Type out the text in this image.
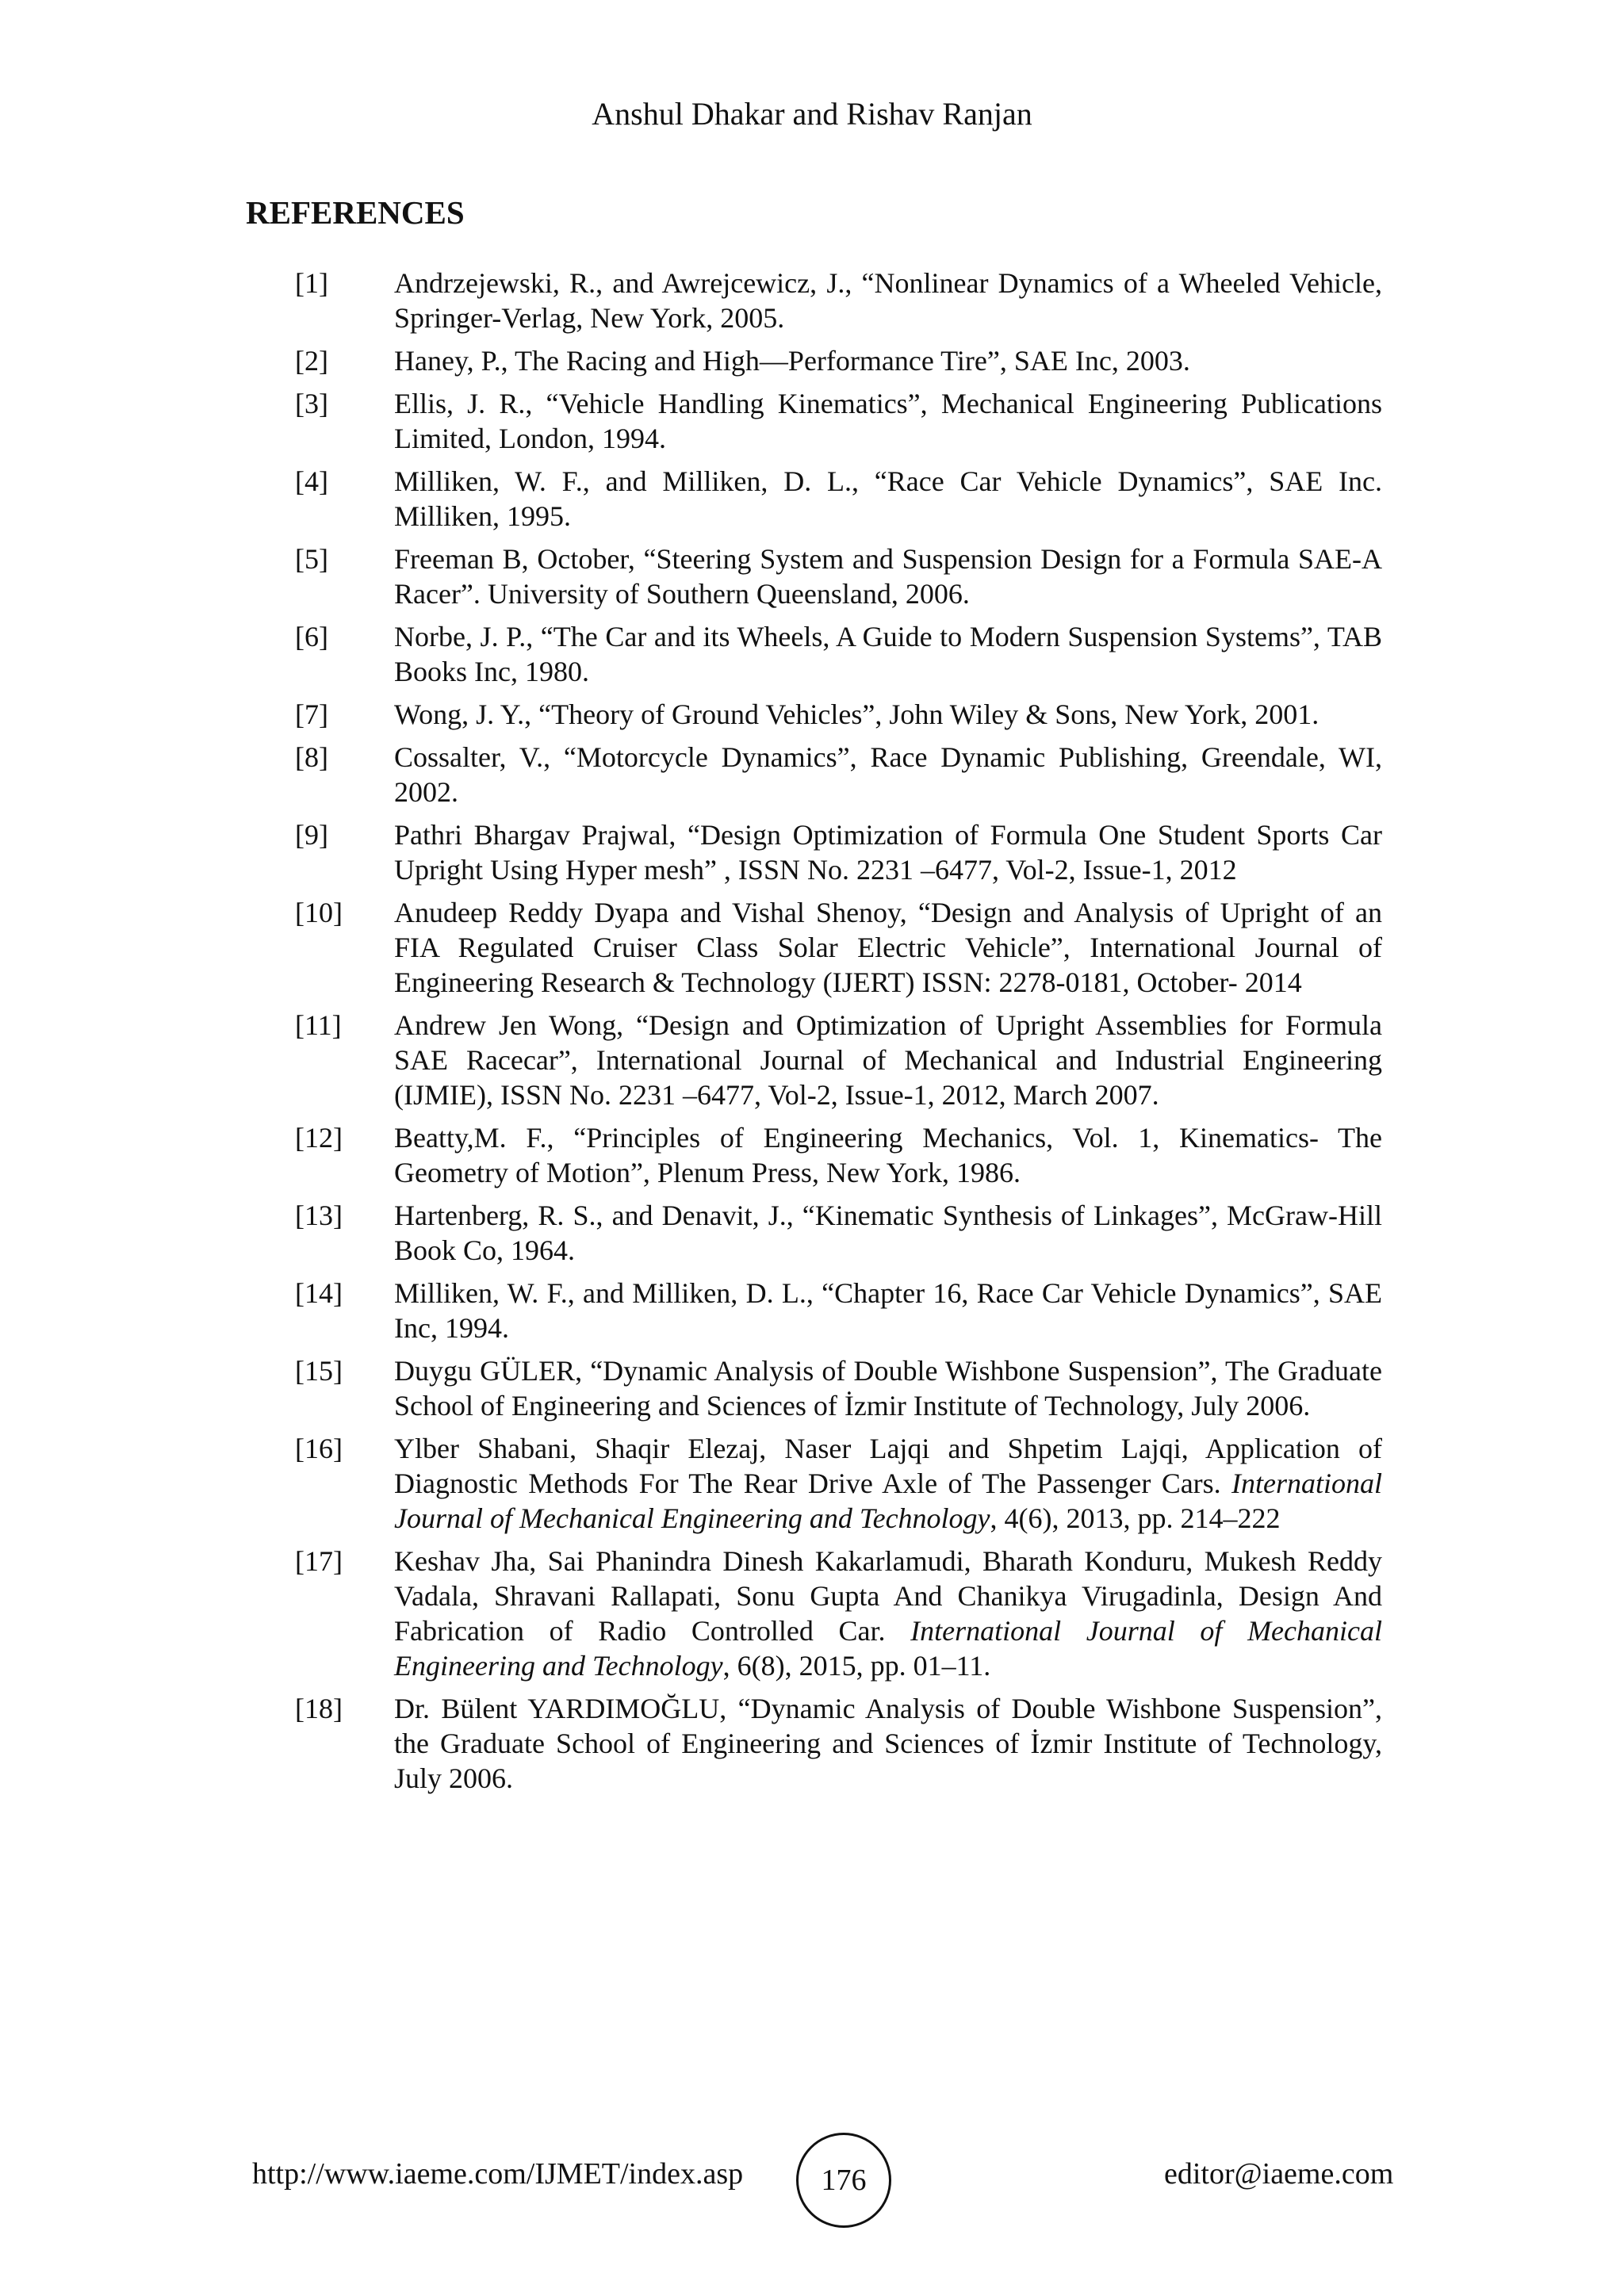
Anshul Dhakar and Rishav Ranjan
REFERENCES
[1]	Andrzejewski, R., and Awrejcewicz, J., “Nonlinear Dynamics of a Wheeled Vehicle, Springer-Verlag, New York, 2005.
[2]	Haney, P., The Racing and High—Performance Tire”, SAE Inc, 2003.
[3]	Ellis, J. R., “Vehicle Handling Kinematics”, Mechanical Engineering Publications Limited, London, 1994.
[4]	Milliken, W. F., and Milliken, D. L., “Race Car Vehicle Dynamics”, SAE Inc. Milliken, 1995.
[5]	Freeman B, October, “Steering System and Suspension Design for a Formula SAE-A Racer”. University of Southern Queensland, 2006.
[6]	Norbe, J. P., “The Car and its Wheels, A Guide to Modern Suspension Systems”, TAB Books Inc, 1980.
[7]	Wong, J. Y., “Theory of Ground Vehicles”, John Wiley & Sons, New York, 2001.
[8]	Cossalter, V., “Motorcycle Dynamics”, Race Dynamic Publishing, Greendale, WI, 2002.
[9]	Pathri Bhargav Prajwal, “Design Optimization of Formula One Student Sports Car Upright Using Hyper mesh” , ISSN No. 2231 –6477, Vol-2, Issue-1, 2012
[10]	Anudeep Reddy Dyapa and Vishal Shenoy, “Design and Analysis of Upright of an FIA Regulated Cruiser Class Solar Electric Vehicle”, International Journal of Engineering Research & Technology (IJERT) ISSN: 2278-0181, October- 2014
[11]	Andrew Jen Wong, “Design and Optimization of Upright Assemblies for Formula SAE Racecar”, International Journal of Mechanical and Industrial Engineering (IJMIE), ISSN No. 2231 –6477, Vol-2, Issue-1, 2012, March 2007.
[12]	Beatty,M. F., “Principles of Engineering Mechanics, Vol. 1, Kinematics- The Geometry of Motion”, Plenum Press, New York, 1986.
[13]	Hartenberg, R. S., and Denavit, J., “Kinematic Synthesis of Linkages”, McGraw-Hill Book Co, 1964.
[14]	Milliken, W. F., and Milliken, D. L., “Chapter 16, Race Car Vehicle Dynamics”, SAE Inc, 1994.
[15]	Duygu GÜLER, “Dynamic Analysis of Double Wishbone Suspension”, The Graduate School of Engineering and Sciences of İzmir Institute of Technology, July 2006.
[16]	Ylber Shabani, Shaqir Elezaj, Naser Lajqi and Shpetim Lajqi, Application of Diagnostic Methods For The Rear Drive Axle of The Passenger Cars. International Journal of Mechanical Engineering and Technology, 4(6), 2013, pp. 214–222
[17]	Keshav Jha, Sai Phanindra Dinesh Kakarlamudi, Bharath Konduru, Mukesh Reddy Vadala, Shravani Rallapati, Sonu Gupta And Chanikya Virugadinla, Design And Fabrication of Radio Controlled Car. International Journal of Mechanical Engineering and Technology, 6(8), 2015, pp. 01–11.
[18]	Dr. Bülent YARDIMOĞLU, “Dynamic Analysis of Double Wishbone Suspension”, the Graduate School of Engineering and Sciences of İzmir Institute of Technology, July 2006.
http://www.iaeme.com/IJMET/index.asp	176	editor@iaeme.com
